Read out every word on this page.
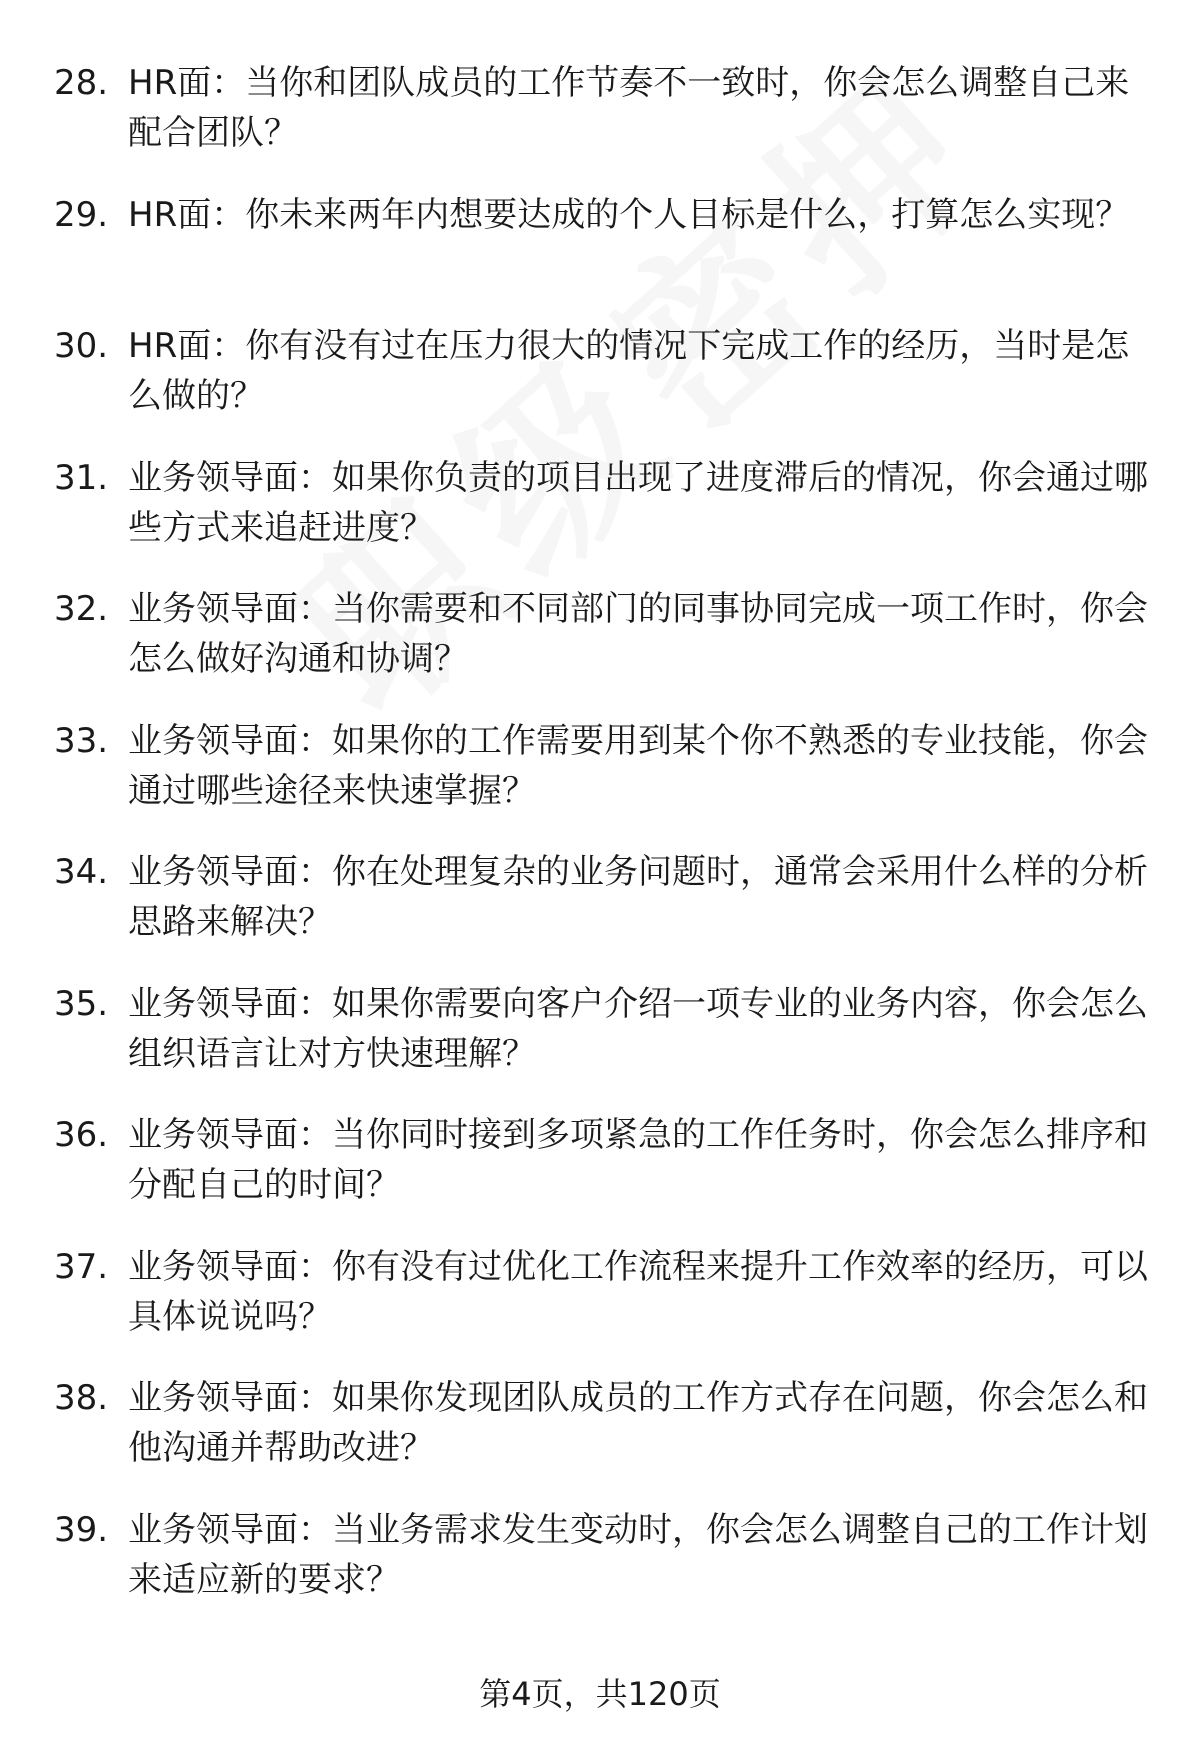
28. HR面：当你和团队成员的工作节奏不一致时，你会怎么调整自己来配合团队？
29. HR面：你未来两年内想要达成的个人目标是什么，打算怎么实现？
30. HR面：你有没有过在压力很大的情况下完成工作的经历，当时是怎么做的？
31. 业务领导面：如果你负责的项目出现了进度滞后的情况，你会通过哪些方式来追赶进度？
32. 业务领导面：当你需要和不同部门的同事协同完成一项工作时，你会怎么做好沟通和协调？
33. 业务领导面：如果你的工作需要用到某个你不熟悉的专业技能，你会通过哪些途径来快速掌握？
34. 业务领导面：你在处理复杂的业务问题时，通常会采用什么样的分析思路来解决？
35. 业务领导面：如果你需要向客户介绍一项专业的业务内容，你会怎么组织语言让对方快速理解？
36. 业务领导面：当你同时接到多项紧急的工作任务时，你会怎么排序和分配自己的时间？
37. 业务领导面：你有没有过优化工作流程来提升工作效率的经历，可以具体说说吗？
38. 业务领导面：如果你发现团队成员的工作方式存在问题，你会怎么和他沟通并帮助改进？
39. 业务领导面：当业务需求发生变动时，你会怎么调整自己的工作计划来适应新的要求？
第4页，共120页
